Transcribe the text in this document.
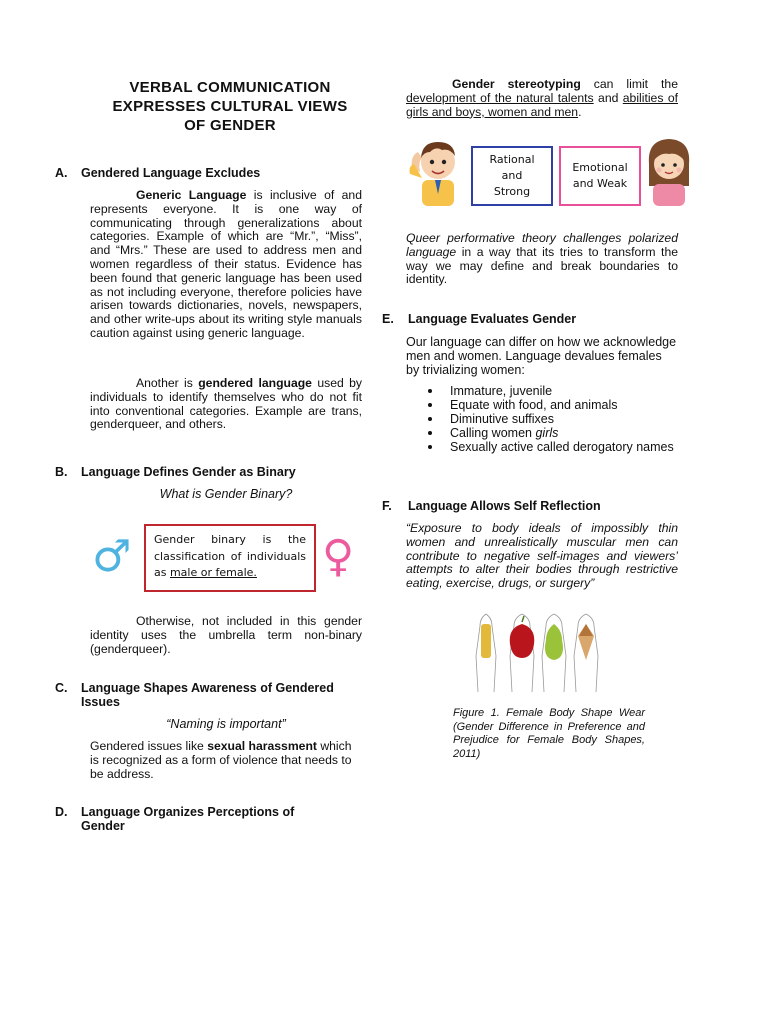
VERBAL COMMUNICATION
EXPRESSES CULTURAL VIEWS
OF GENDER
A. Gendered Language Excludes
Generic Language is inclusive of and represents everyone. It is one way of communicating through generalizations about categories. Example of which are “Mr.”, “Miss”, and “Mrs.” These are used to address men and women regardless of their status. Evidence has been found that generic language has been used as not including everyone, therefore policies have arisen towards dictionaries, novels, newspapers, and other write-ups about its writing style manuals caution against using generic language.
Another is gendered language used by individuals to identify themselves who do not fit into conventional categories. Example are trans, genderqueer, and others.
B. Language Defines Gender as Binary
What is Gender Binary?
♂	Gender binary is the classification of individuals as male or female.	♀
Otherwise, not included in this gender identity uses the umbrella term non-binary (genderqueer).
C. Language Shapes Awareness of Gendered
Issues
“Naming is important”
Gendered issues like sexual harassment which is recognized as a form of violence that needs to be address.
D. Language Organizes Perceptions of
Gender
Gender stereotyping can limit the development of the natural talents and abilities of girls and boys, women and men.
Rational
and
Strong
Emotional
and Weak
Queer performative theory challenges polarized language in a way that its tries to transform the way we may define and break boundaries to identity.
E. Language Evaluates Gender
Our language can differ on how we acknowledge men and women. Language devalues females by trivializing women:
Immature, juvenile
Equate with food, and animals
Diminutive suffixes
Calling women girls
Sexually active called derogatory names
F. Language Allows Self Reflection
“Exposure to body ideals of impossibly thin women and unrealistically muscular men can contribute to negative self-images and viewers’ attempts to alter their bodies through restrictive eating, exercise, drugs, or surgery”
Figure 1. Female Body Shape Wear (Gender Difference in Preference and Prejudice for Female Body Shapes, 2011)
